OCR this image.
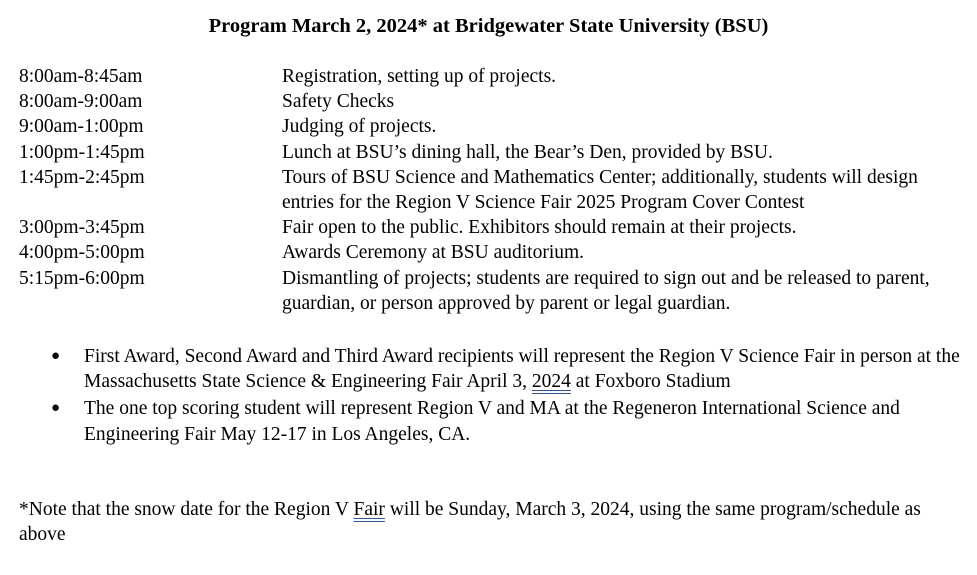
Program March 2, 2024* at Bridgewater State University (BSU)
8:00am-8:45am	Registration, setting up of projects.
8:00am-9:00am	Safety Checks
9:00am-1:00pm	Judging of projects.
1:00pm-1:45pm	Lunch at BSU’s dining hall, the Bear’s Den, provided by BSU.
1:45pm-2:45pm	Tours of BSU Science and Mathematics Center; additionally, students will design entries for the Region V Science Fair 2025 Program Cover Contest
3:00pm-3:45pm	Fair open to the public. Exhibitors should remain at their projects.
4:00pm-5:00pm	Awards Ceremony at BSU auditorium.
5:15pm-6:00pm	Dismantling of projects; students are required to sign out and be released to parent, guardian, or person approved by parent or legal guardian.
● First Award, Second Award and Third Award recipients will represent the Region V Science Fair in person at the Massachusetts State Science & Engineering Fair April 3, 2024 at Foxboro Stadium
● The one top scoring student will represent Region V and MA at the Regeneron International Science and Engineering Fair May 12-17 in Los Angeles, CA.
*Note that the snow date for the Region V Fair will be Sunday, March 3, 2024, using the same program/schedule as above
